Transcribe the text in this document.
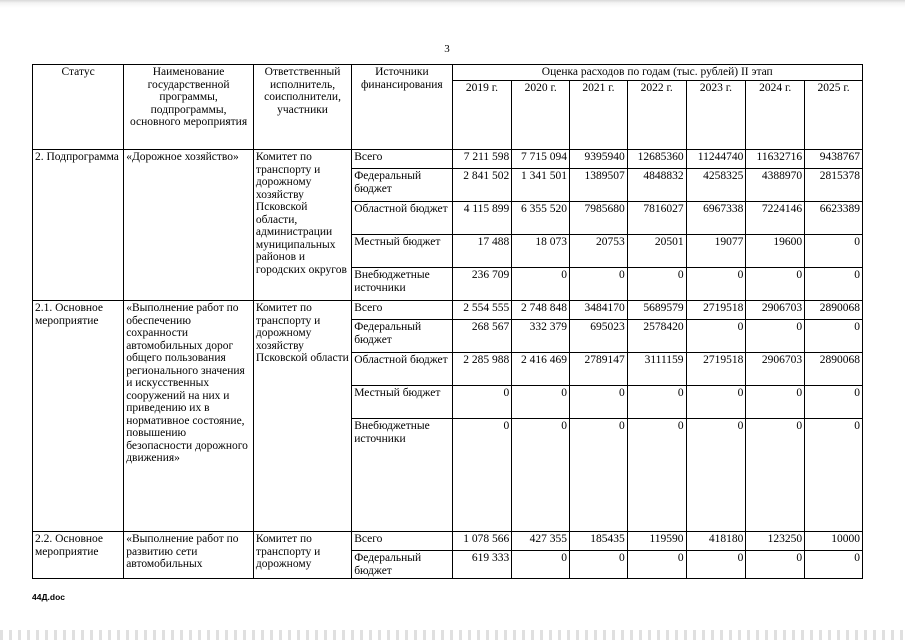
3
Статус	Наименование государственной программы, подпрограммы, основного мероприятия	Ответственный исполнитель, соисполнители, участники	Источники финансирования	Оценка расходов по годам (тыс. рублей) II этап						
				2019 г.	2020 г.	2021 г.	2022 г.	2023 г.	2024 г.	2025 г.
2. Подпрограмма	«Дорожное хозяйство»	Комитет по транспорту и дорожному хозяйству Псковской области, администрации муниципальных районов и городских округов	Всего	7 211 598	7 715 094	9395940	12685360	11244740	11632716	9438767
			Федеральный бюджет	2 841 502	1 341 501	1389507	4848832	4258325	4388970	2815378
			Областной бюджет	4 115 899	6 355 520	7985680	7816027	6967338	7224146	6623389
			Местный бюджет	17 488	18 073	20753	20501	19077	19600	0
			Внебюджетные источники	236 709	0	0	0	0	0	0
2.1. Основное мероприятие	«Выполнение работ по обеспечению сохранности автомобильных дорог общего пользования регионального значения и искусственных сооружений на них и приведению их в нормативное состояние, повышению безопасности дорожного движения»	Комитет по транспорту и дорожному хозяйству Псковской области	Всего	2 554 555	2 748 848	3484170	5689579	2719518	2906703	2890068
			Федеральный бюджет	268 567	332 379	695023	2578420	0	0	0
			Областной бюджет	2 285 988	2 416 469	2789147	3111159	2719518	2906703	2890068
			Местный бюджет	0	0	0	0	0	0	0
			Внебюджетные источники	0	0	0	0	0	0	0
2.2. Основное мероприятие	«Выполнение работ по развитию сети автомобильных	Комитет по транспорту и дорожному	Всего	1 078 566	427 355	185435	119590	418180	123250	10000
			Федеральный бюджет	619 333	0	0	0	0	0	0
44Д.doc
